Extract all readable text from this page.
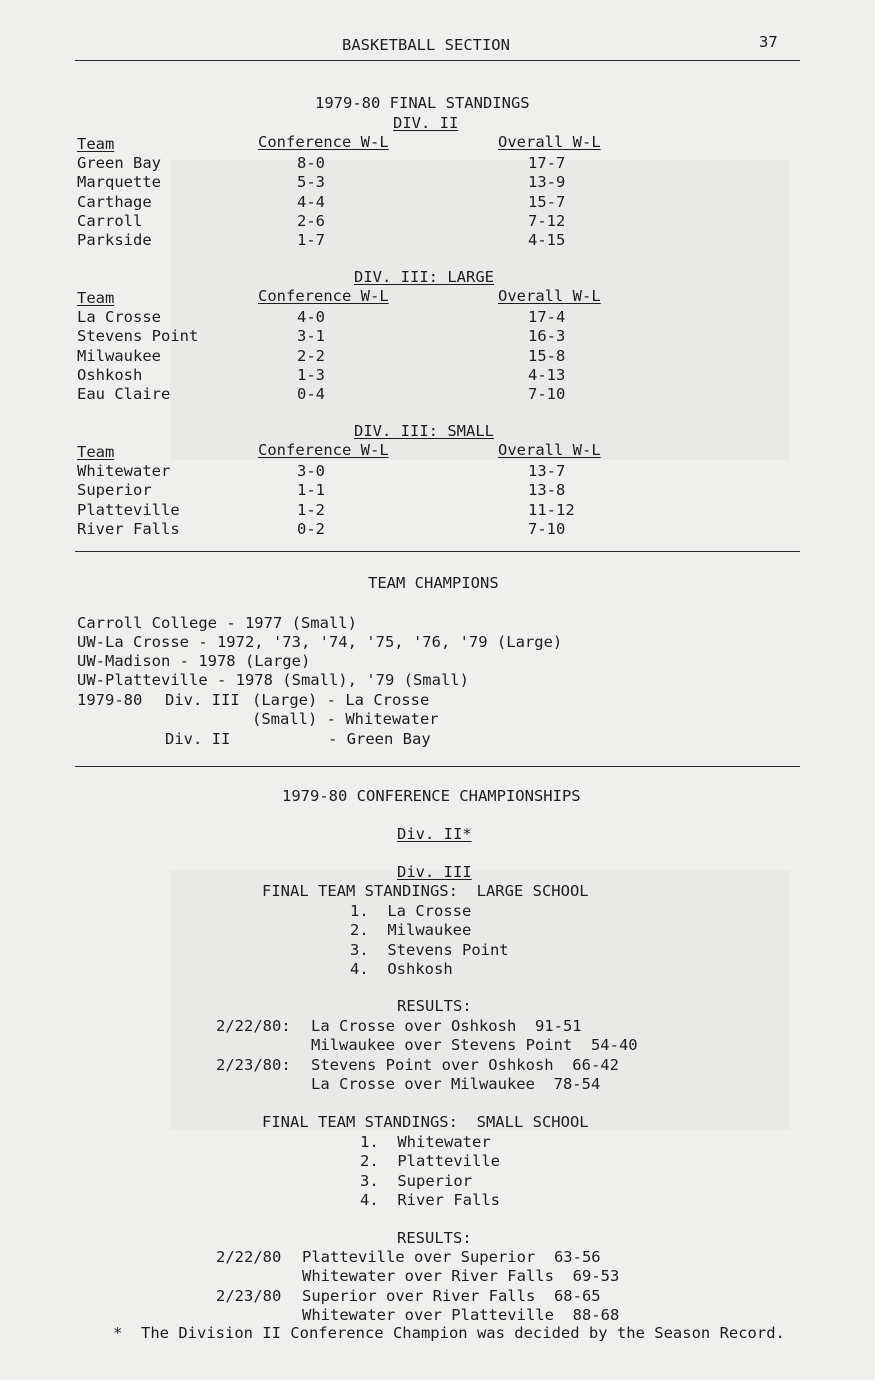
BASKETBALL SECTION	37
1979-80 FINAL STANDINGS
DIV. II
Team	Conference W-L	Overall W-L
Green Bay	8-0	17-7
Marquette	5-3	13-9
Carthage	4-4	15-7
Carroll	2-6	7-12
Parkside	1-7	4-15
DIV. III: LARGE
Team	Conference W-L	Overall W-L
La Crosse	4-0	17-4
Stevens Point	3-1	16-3
Milwaukee	2-2	15-8
Oshkosh	1-3	4-13
Eau Claire	0-4	7-10
DIV. III: SMALL
Team	Conference W-L	Overall W-L
Whitewater	3-0	13-7
Superior	1-1	13-8
Platteville	1-2	11-12
River Falls	0-2	7-10
TEAM CHAMPIONS
Carroll College - 1977 (Small)
UW-La Crosse - 1972, '73, '74, '75, '76, '79 (Large)
UW-Madison - 1978 (Large)
UW-Platteville - 1978 (Small), '79 (Small)
1979-80 Div. III (Large) - La Crosse
(Small) - Whitewater
Div. II	- Green Bay
1979-80 CONFERENCE CHAMPIONSHIPS
Div. II*
Div. III
FINAL TEAM STANDINGS:  LARGE SCHOOL
1.  La Crosse
2.  Milwaukee
3.  Stevens Point
4.  Oshkosh
RESULTS:
2/22/80: La Crosse over Oshkosh  91-51
Milwaukee over Stevens Point  54-40
2/23/80: Stevens Point over Oshkosh  66-42
La Crosse over Milwaukee  78-54
FINAL TEAM STANDINGS:  SMALL SCHOOL
1.  Whitewater
2.  Platteville
3.  Superior
4.  River Falls
RESULTS:
2/22/80 Platteville over Superior  63-56
Whitewater over River Falls  69-53
2/23/80 Superior over River Falls  68-65
Whitewater over Platteville  88-68
*  The Division II Conference Champion was decided by the Season Record.
